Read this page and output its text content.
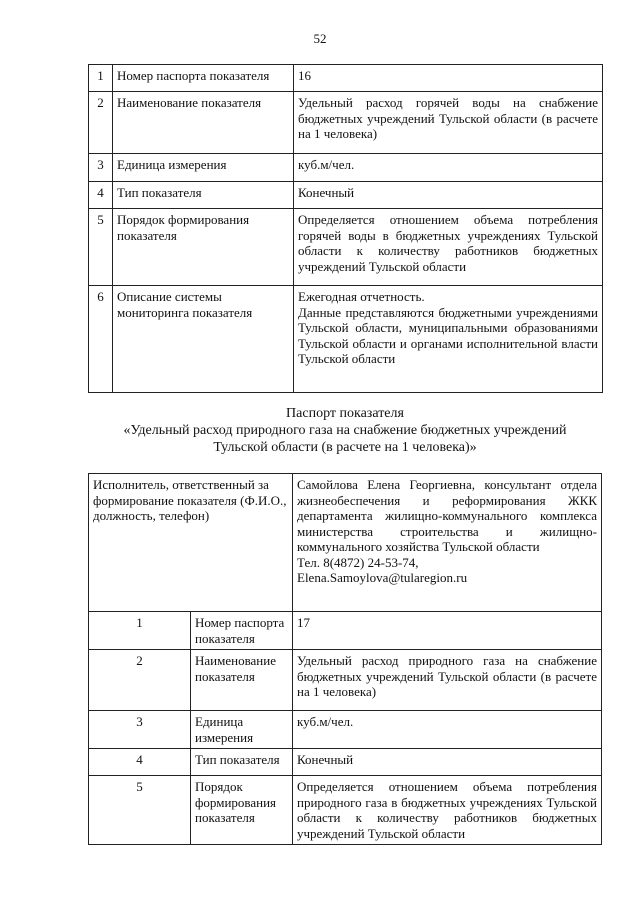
52
1	Номер паспорта показателя	16
2	Наименование показателя	Удельный расход горячей воды на снабжение бюджетных учреждений Тульской области (в расчете на 1 человека)
3	Единица измерения	куб.м/чел.
4	Тип показателя	Конечный
5	Порядок формирования показателя	Определяется отношением объема потребления горячей воды в бюджетных учреждениях Тульской области к количеству работников бюджетных учреждений Тульской области
6	Описание системы мониторинга показателя	Ежегодная отчетность.
Данные представляются бюджетными учреждениями Тульской области, муниципальными образованиями Тульской области и органами исполнительной власти Тульской области
Паспорт показателя
«Удельный расход природного газа на снабжение бюджетных учреждений
Тульской области (в расчете на 1 человека)»
Исполнитель, ответственный за формирование показателя (Ф.И.О., должность, телефон)		Самойлова Елена Георгиевна, консультант отдела жизнеобеспечения и реформирования ЖКК департамента жилищно-коммунального комплекса министерства строительства и жилищно-коммунального хозяйства Тульской области
Тел. 8(4872) 24-53-74,
Elena.Samoylova@tularegion.ru

1	Номер паспорта показателя	17
2	Наименование показателя	Удельный расход природного газа на снабжение бюджетных учреждений Тульской области (в расчете на 1 человека)
3	Единица измерения	куб.м/чел.
4	Тип показателя	Конечный
5	Порядок формирования показателя	Определяется отношением объема потребления природного газа в бюджетных учреждениях Тульской области к количеству работников бюджетных учреждений Тульской области
